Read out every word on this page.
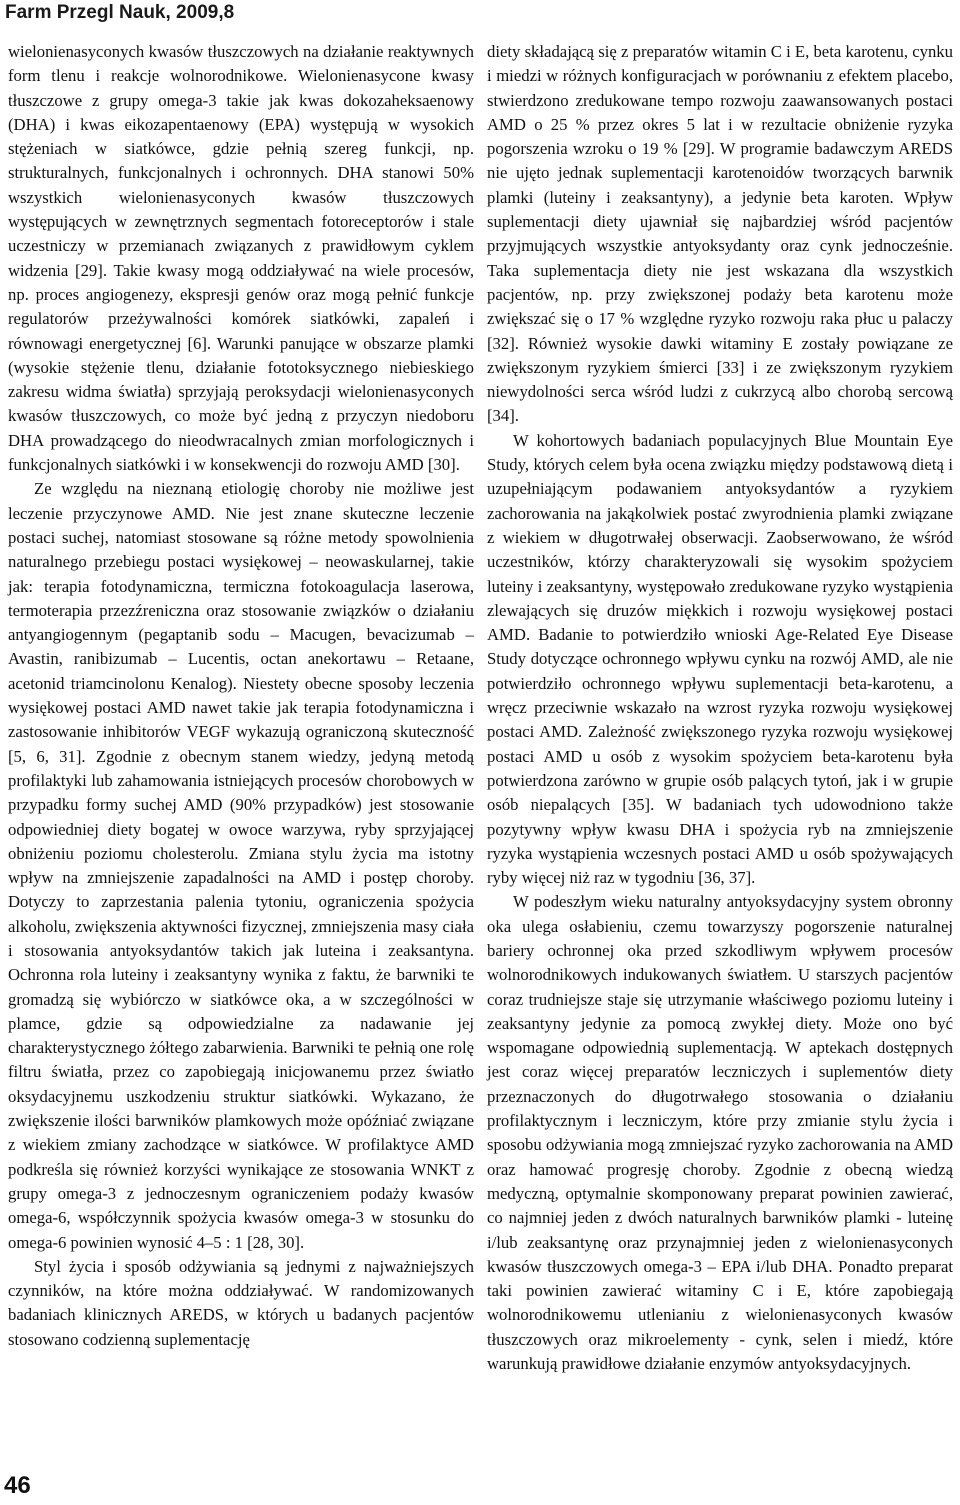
Farm Przegl Nauk, 2009,8

wielonienasyconych kwasów tłuszczowych na działanie reaktywnych form tlenu i reakcje wolnorodnikowe. Wielonienasycone kwasy tłuszczowe z grupy omega-3 takie jak kwas dokozaheksaenowy (DHA) i kwas eikozapentaenowy (EPA) występują w wysokich stężeniach w siatkówce, gdzie pełnią szereg funkcji, np. strukturalnych, funkcjonalnych i ochronnych. DHA stanowi 50% wszystkich wielonienasyconych kwasów tłuszczowych występujących w zewnętrznych segmentach fotoreceptorów i stale uczestniczy w przemianach związanych z prawidłowym cyklem widzenia [29]. Takie kwasy mogą oddziaływać na wiele procesów, np. proces angiogenezy, ekspresji genów oraz mogą pełnić funkcje regulatorów przeżywalności komórek siatkówki, zapaleń i równowagi energetycznej [6]. Warunki panujące w obszarze plamki (wysokie stężenie tlenu, działanie fototoksycznego niebieskiego zakresu widma światła) sprzyjają peroksydacji wielonienasyconych kwasów tłuszczowych, co może być jedną z przyczyn niedoboru DHA prowadzącego do nieodwracalnych zmian morfologicznych i funkcjonalnych siatkówki i w konsekwencji do rozwoju AMD [30].

Ze względu na nieznaną etiologię choroby nie możliwe jest leczenie przyczynowe AMD. Nie jest znane skuteczne leczenie postaci suchej, natomiast stosowane są różne metody spowolnienia naturalnego przebiegu postaci wysiękowej – neowaskularnej, takie jak: terapia fotodynamiczna, termiczna fotokoagulacja laserowa, termoterapia przezźreniczna oraz stosowanie związków o działaniu antyangiogennym (pegaptanib sodu – Macugen, bevacizumab – Avastin, ranibizumab – Lucentis, octan anekortawu – Retaane, acetonid triamcinolonu Kenalog). Niestety obecne sposoby leczenia wysiękowej postaci AMD nawet takie jak terapia fotodynamiczna i zastosowanie inhibitorów VEGF wykazują ograniczoną skuteczność [5, 6, 31]. Zgodnie z obecnym stanem wiedzy, jedyną metodą profilaktyki lub zahamowania istniejących procesów chorobowych w przypadku formy suchej AMD (90% przypadków) jest stosowanie odpowiedniej diety bogatej w owoce warzywa, ryby sprzyjającej obniżeniu poziomu cholesterolu. Zmiana stylu życia ma istotny wpływ na zmniejszenie zapadalności na AMD i postęp choroby. Dotyczy to zaprzestania palenia tytoniu, ograniczenia spożycia alkoholu, zwiększenia aktywności fizycznej, zmniejszenia masy ciała i stosowania antyoksydantów takich jak luteina i zeaksantyna. Ochronna rola luteiny i zeaksantyny wynika z faktu, że barwniki te gromadzą się wybiórczo w siatkówce oka, a w szczególności w plamce, gdzie są odpowiedzialne za nadawanie jej charakterystycznego żółtego zabarwienia. Barwniki te pełnią one rolę filtru światła, przez co zapobiegają inicjowanemu przez światło oksydacyjnemu uszkodzeniu struktur siatkówki. Wykazano, że zwiększenie ilości barwników plamkowych może opóźniać związane z wiekiem zmiany zachodzące w siatkówce. W profilaktyce AMD podkreśla się również korzyści wynikające ze stosowania WNKT z grupy omega-3 z jednoczesnym ograniczeniem podaży kwasów omega-6, współczynnik spożycia kwasów omega-3 w stosunku do omega-6 powinien wynosić 4–5 : 1 [28, 30].

Styl życia i sposób odżywiania są jednymi z najważniejszych czynników, na które można oddziaływać. W randomizowanych badaniach klinicznych AREDS, w których u badanych pacjentów stosowano codzienną suplementację

diety składającą się z preparatów witamin C i E, beta karotenu, cynku i miedzi w różnych konfiguracjach w porównaniu z efektem placebo, stwierdzono zredukowane tempo rozwoju zaawansowanych postaci AMD o 25 % przez okres 5 lat i w rezultacie obniżenie ryzyka pogorszenia wzroku o 19 % [29]. W programie badawczym AREDS nie ujęto jednak suplementacji karotenoidów tworzących barwnik plamki (luteiny i zeaksantyny), a jedynie beta karoten. Wpływ suplementacji diety ujawniał się najbardziej wśród pacjentów przyjmujących wszystkie antyoksydanty oraz cynk jednocześnie. Taka suplementacja diety nie jest wskazana dla wszystkich pacjentów, np. przy zwiększonej podaży beta karotenu może zwiększać się o 17 % względne ryzyko rozwoju raka płuc u palaczy [32]. Również wysokie dawki witaminy E zostały powiązane ze zwiększonym ryzykiem śmierci [33] i ze zwiększonym ryzykiem niewydolności serca wśród ludzi z cukrzycą albo chorobą sercową [34].

W kohortowych badaniach populacyjnych Blue Mountain Eye Study, których celem była ocena związku między podstawową dietą i uzupełniającym podawaniem antyoksydantów a ryzykiem zachorowania na jakąkolwiek postać zwyrodnienia plamki związane z wiekiem w długotrwałej obserwacji. Zaobserwowano, że wśród uczestników, którzy charakteryzowali się wysokim spożyciem luteiny i zeaksantyny, występowało zredukowane ryzyko wystąpienia zlewających się druzów miękkich i rozwoju wysiękowej postaci AMD. Badanie to potwierdziło wnioski Age-Related Eye Disease Study dotyczące ochronnego wpływu cynku na rozwój AMD, ale nie potwierdziło ochronnego wpływu suplementacji beta-karotenu, a wręcz przeciwnie wskazało na wzrost ryzyka rozwoju wysiękowej postaci AMD. Zależność zwiększonego ryzyka rozwoju wysiękowej postaci AMD u osób z wysokim spożyciem beta-karotenu była potwierdzona zarówno w grupie osób palących tytoń, jak i w grupie osób niepalących [35]. W badaniach tych udowodniono także pozytywny wpływ kwasu DHA i spożycia ryb na zmniejszenie ryzyka wystąpienia wczesnych postaci AMD u osób spożywających ryby więcej niż raz w tygodniu [36, 37].

W podeszłym wieku naturalny antyoksydacyjny system obronny oka ulega osłabieniu, czemu towarzyszy pogorszenie naturalnej bariery ochronnej oka przed szkodliwym wpływem procesów wolnorodnikowych indukowanych światłem. U starszych pacjentów coraz trudniejsze staje się utrzymanie właściwego poziomu luteiny i zeaksantyny jedynie za pomocą zwykłej diety. Może ono być wspomagane odpowiednią suplementacją. W aptekach dostępnych jest coraz więcej preparatów leczniczych i suplementów diety przeznaczonych do długotrwałego stosowania o działaniu profilaktycznym i leczniczym, które przy zmianie stylu życia i sposobu odżywiania mogą zmniejszać ryzyko zachorowania na AMD oraz hamować progresję choroby. Zgodnie z obecną wiedzą medyczną, optymalnie skomponowany preparat powinien zawierać, co najmniej jeden z dwóch naturalnych barwników plamki - luteinę i/lub zeaksantynę oraz przynajmniej jeden z wielonienasyconych kwasów tłuszczowych omega-3 – EPA i/lub DHA. Ponadto preparat taki powinien zawierać witaminy C i E, które zapobiegają wolnorodnikowemu utlenianiu z wielonienasyconych kwasów tłuszczowych oraz mikroelementy - cynk, selen i miedź, które warunkują prawidłowe działanie enzymów antyoksydacyjnych.

46
